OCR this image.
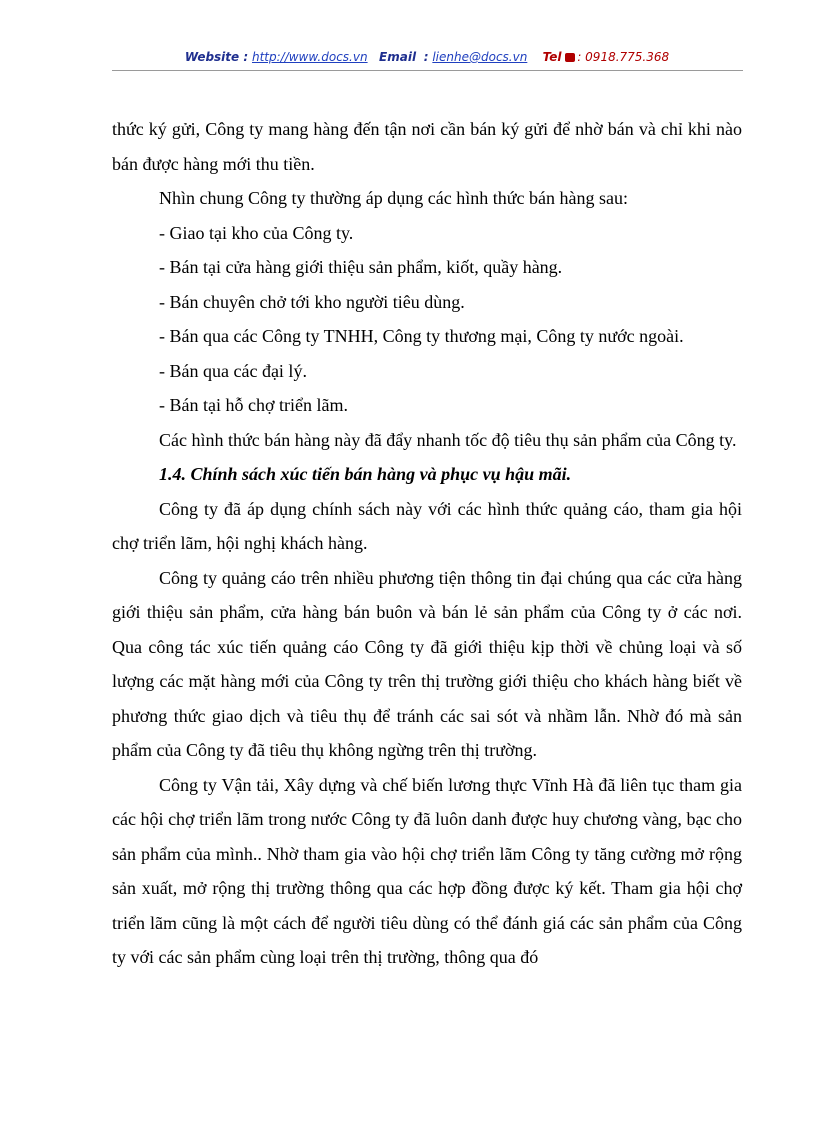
Website : http://www.docs.vn Email : lienhe@docs.vn Tel : 0918.775.368

thức ký gửi, Công ty mang hàng đến tận nơi cần bán ký gửi để nhờ bán và chỉ khi nào bán được hàng mới thu tiền.

Nhìn chung Công ty thường áp dụng các hình thức bán hàng sau:

- Giao tại kho của Công ty.

- Bán tại cửa hàng giới thiệu sản phẩm, kiốt, quầy hàng.

- Bán chuyên chở tới kho người tiêu dùng.

- Bán qua các Công ty TNHH, Công ty thương mại, Công ty nước ngoài.

- Bán qua các đại lý.

- Bán tại hỗ chợ triển lãm.

Các hình thức bán hàng này đã đẩy nhanh tốc độ tiêu thụ sản phẩm của Công ty.

1.4. Chính sách xúc tiến bán hàng và phục vụ hậu mãi.

Công ty đã áp dụng chính sách này với các hình thức quảng cáo, tham gia hội chợ triển lãm, hội nghị khách hàng.

Công ty quảng cáo trên nhiều phương tiện thông tin đại chúng qua các cửa hàng giới thiệu sản phẩm, cửa hàng bán buôn và bán lẻ sản phẩm của Công ty ở các nơi. Qua công tác xúc tiến quảng cáo Công ty đã giới thiệu kịp thời về chủng loại và số lượng các mặt hàng mới của Công ty trên thị trường giới thiệu cho khách hàng biết về phương thức giao dịch và tiêu thụ để tránh các sai sót và nhầm lẫn. Nhờ đó mà sản phẩm của Công ty đã tiêu thụ không ngừng trên thị trường.

Công ty Vận tải, Xây dựng và chế biến lương thực Vĩnh Hà đã liên tục tham gia các hội chợ triển lãm trong nước Công ty đã luôn danh được huy chương vàng, bạc cho sản phẩm của mình.. Nhờ tham gia vào hội chợ triển lãm Công ty tăng cường mở rộng sản xuất, mở rộng thị trường thông qua các hợp đồng được ký kết. Tham gia hội chợ triển lãm cũng là một cách để người tiêu dùng có thể đánh giá các sản phẩm của Công ty với các sản phẩm cùng loại trên thị trường, thông qua đó
